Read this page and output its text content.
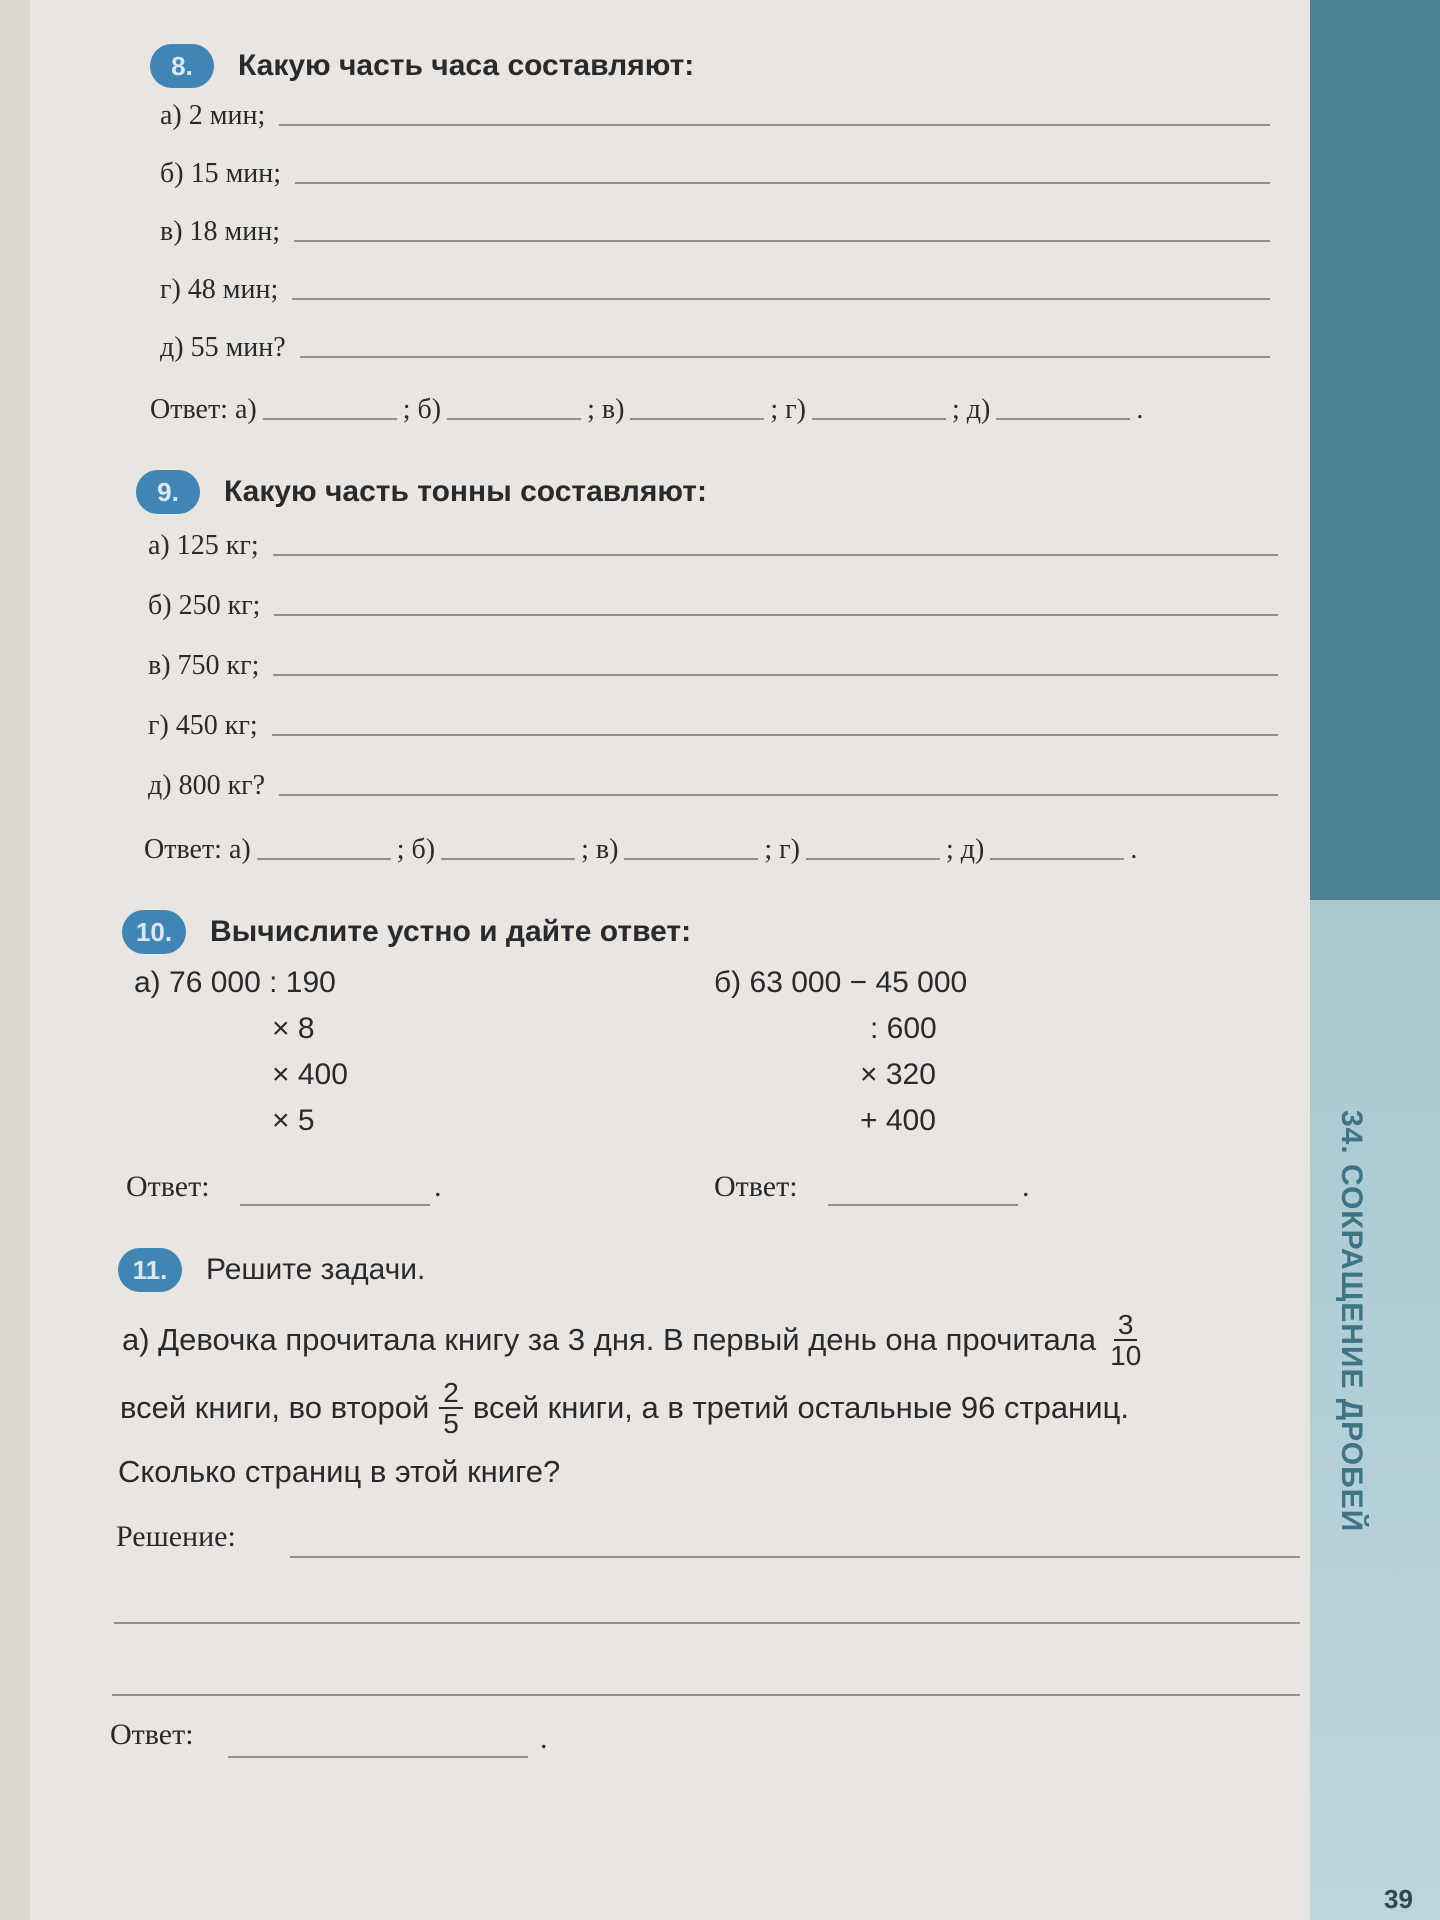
34. СОКРАЩЕНИЕ ДРОБЕЙ
39
8.	Какую часть часа составляют:
а) 2 мин;
б) 15 мин;
в) 18 мин;
г) 48 мин;
д) 55 мин?
Ответ: а)	; б)	; в)	; г)	; д)	.
9.	Какую часть тонны составляют:
а) 125 кг;
б) 250 кг;
в) 750 кг;
г) 450 кг;
д) 800 кг?
Ответ: а)	; б)	; в)	; г)	; д)	.
10.	Вычислите устно и дайте ответ:
а) 76 000 : 190
× 8
× 400
× 5
Ответ:	.
б) 63 000 − 45 000
: 600
× 320
+ 400
Ответ:	.
11.	Решите задачи.
а) Девочка прочитала книгу за 3 дня. В первый день она прочитала $\frac{3}{10}$
всей книги, во второй $\frac{2}{5}$ всей книги, а в третий остальные 96 страниц.
Сколько страниц в этой книге?
Решение:
Ответ:	.
